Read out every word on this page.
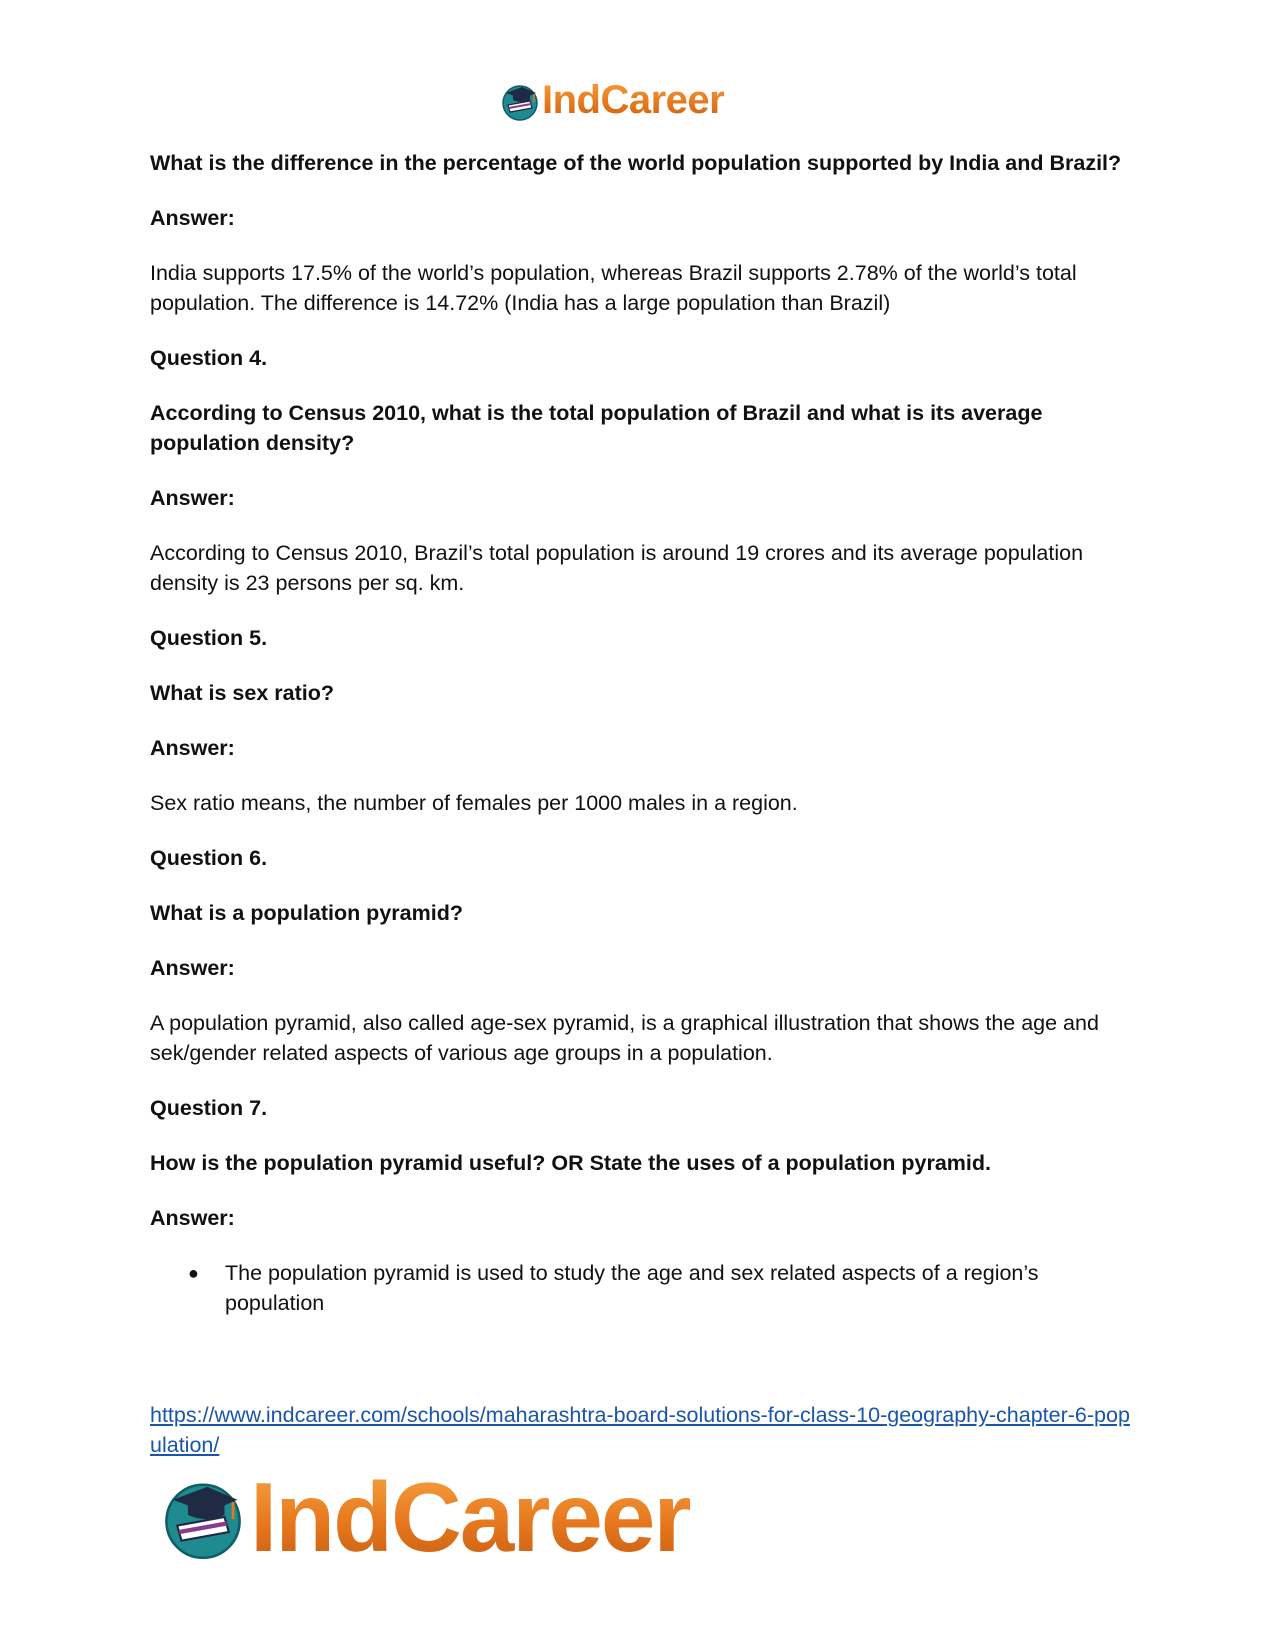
IndCareer

What is the difference in the percentage of the world population supported by India and Brazil?

Answer:

India supports 17.5% of the world’s population, whereas Brazil supports 2.78% of the world’s total population. The difference is 14.72% (India has a large population than Brazil)

Question 4.

According to Census 2010, what is the total population of Brazil and what is its average population density?

Answer:

According to Census 2010, Brazil’s total population is around 19 crores and its average population density is 23 persons per sq. km.

Question 5.

What is sex ratio?

Answer:

Sex ratio means, the number of females per 1000 males in a region.

Question 6.

What is a population pyramid?

Answer:

A population pyramid, also called age-sex pyramid, is a graphical illustration that shows the age and sek/gender related aspects of various age groups in a population.

Question 7.

How is the population pyramid useful? OR State the uses of a population pyramid.

Answer:

● The population pyramid is used to study the age and sex related aspects of a region’s population
https://www.indcareer.com/schools/maharashtra-board-solutions-for-class-10-geography-chapter-6-population/
IndCareer
